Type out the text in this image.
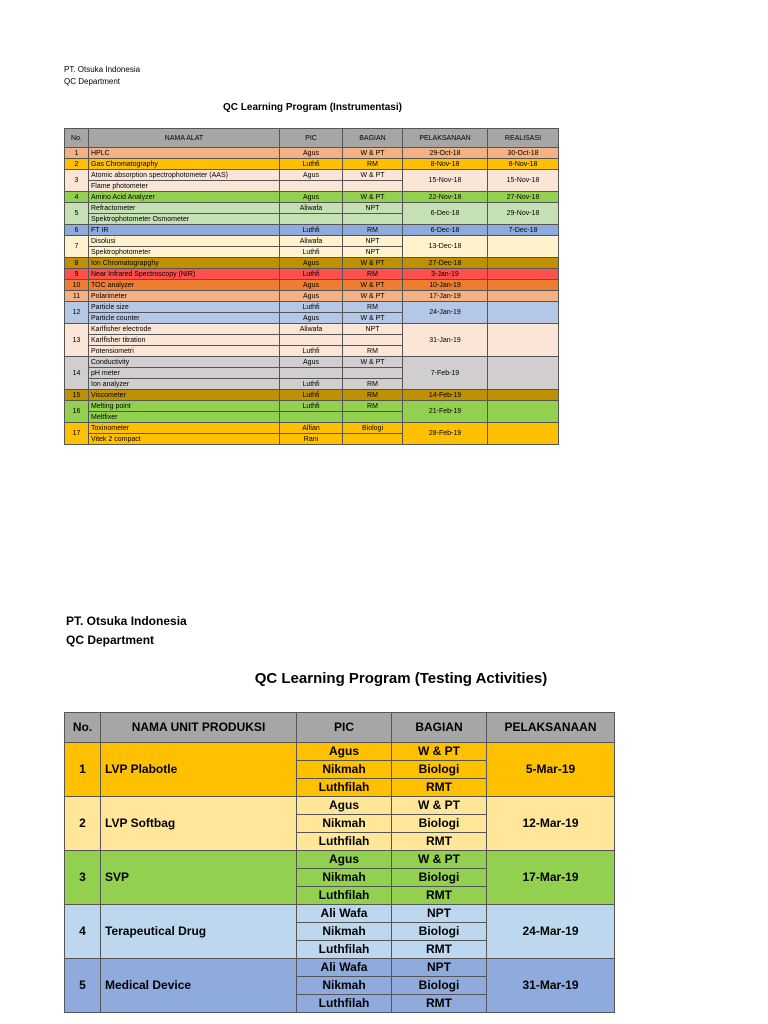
PT. Otsuka Indonesia
QC Department
QC Learning Program (Instrumentasi)
No.	NAMA ALAT	PIC	BAGIAN	PELAKSANAAN	REALISASI
1	HPLC	Agus	W & PT	29-Oct-18	30-Oct-18
2	Gas Chromatography	Luthfi	RM	8-Nov-18	8-Nov-18
3	Atomic absorption spectrophotometer (AAS)	Agus	W & PT	15-Nov-18	15-Nov-18
	Flame photometer				
4	Amino Acid Analyzer	Agus	W & PT	22-Nov-18	27-Nov-18
5	Refractometer	Aliwafa	NPT	6-Dec-18	29-Nov-18
	Spektrophotometer Osmometer				
6	FT IR	Luthfi	RM	6-Dec-18	7-Dec-18
7	Disolusi	Aliwafa	NPT	13-Dec-18	
	Spektrophotometer	Luthfi	NPT		
8	Ion Chromatograpghy	Agus	W & PT	27-Dec-18	
9	Near Infrared Spectroscopy (NIR)	Luthfi	RM	3-Jan-19	
10	TOC analyzer	Agus	W & PT	10-Jan-19	
11	Polarimeter	Agus	W & PT	17-Jan-19	
12	Particle size	Luthfi	RM	24-Jan-19	
	Particle counter	Agus	W & PT		
13	Karlfisher electrode	Aliwafa	NPT	31-Jan-19	
	Karlfisher titration				
	Potensiometri	Luthfi	RM		
14	Conductivity	Agus	W & PT	7-Feb-19	
	pH meter				
	Ion analyzer	Luthfi	RM		
15	Viscometer	Luthfi	RM	14-Feb-19	
16	Melting point	Luthfi	RM	21-Feb-19	
	Meltfixer				
17	Toxinometer	Alfian	Biologi	28-Feb-19	
	Vitek 2 compact	Rani			
PT. Otsuka Indonesia
QC Department
QC Learning Program (Testing Activities)
No.	NAMA UNIT PRODUKSI	PIC	BAGIAN	PELAKSANAAN
1	LVP Plabotle	Agus	W & PT	5-Mar-19
		Nikmah	Biologi	
		Luthfilah	RMT	
2	LVP Softbag	Agus	W & PT	12-Mar-19
		Nikmah	Biologi	
		Luthfilah	RMT	
3	SVP	Agus	W & PT	17-Mar-19
		Nikmah	Biologi	
		Luthfilah	RMT	
4	Terapeutical Drug	Ali Wafa	NPT	24-Mar-19
		Nikmah	Biologi	
		Luthfilah	RMT	
5	Medical Device	Ali Wafa	NPT	31-Mar-19
		Nikmah	Biologi	
		Luthfilah	RMT	
